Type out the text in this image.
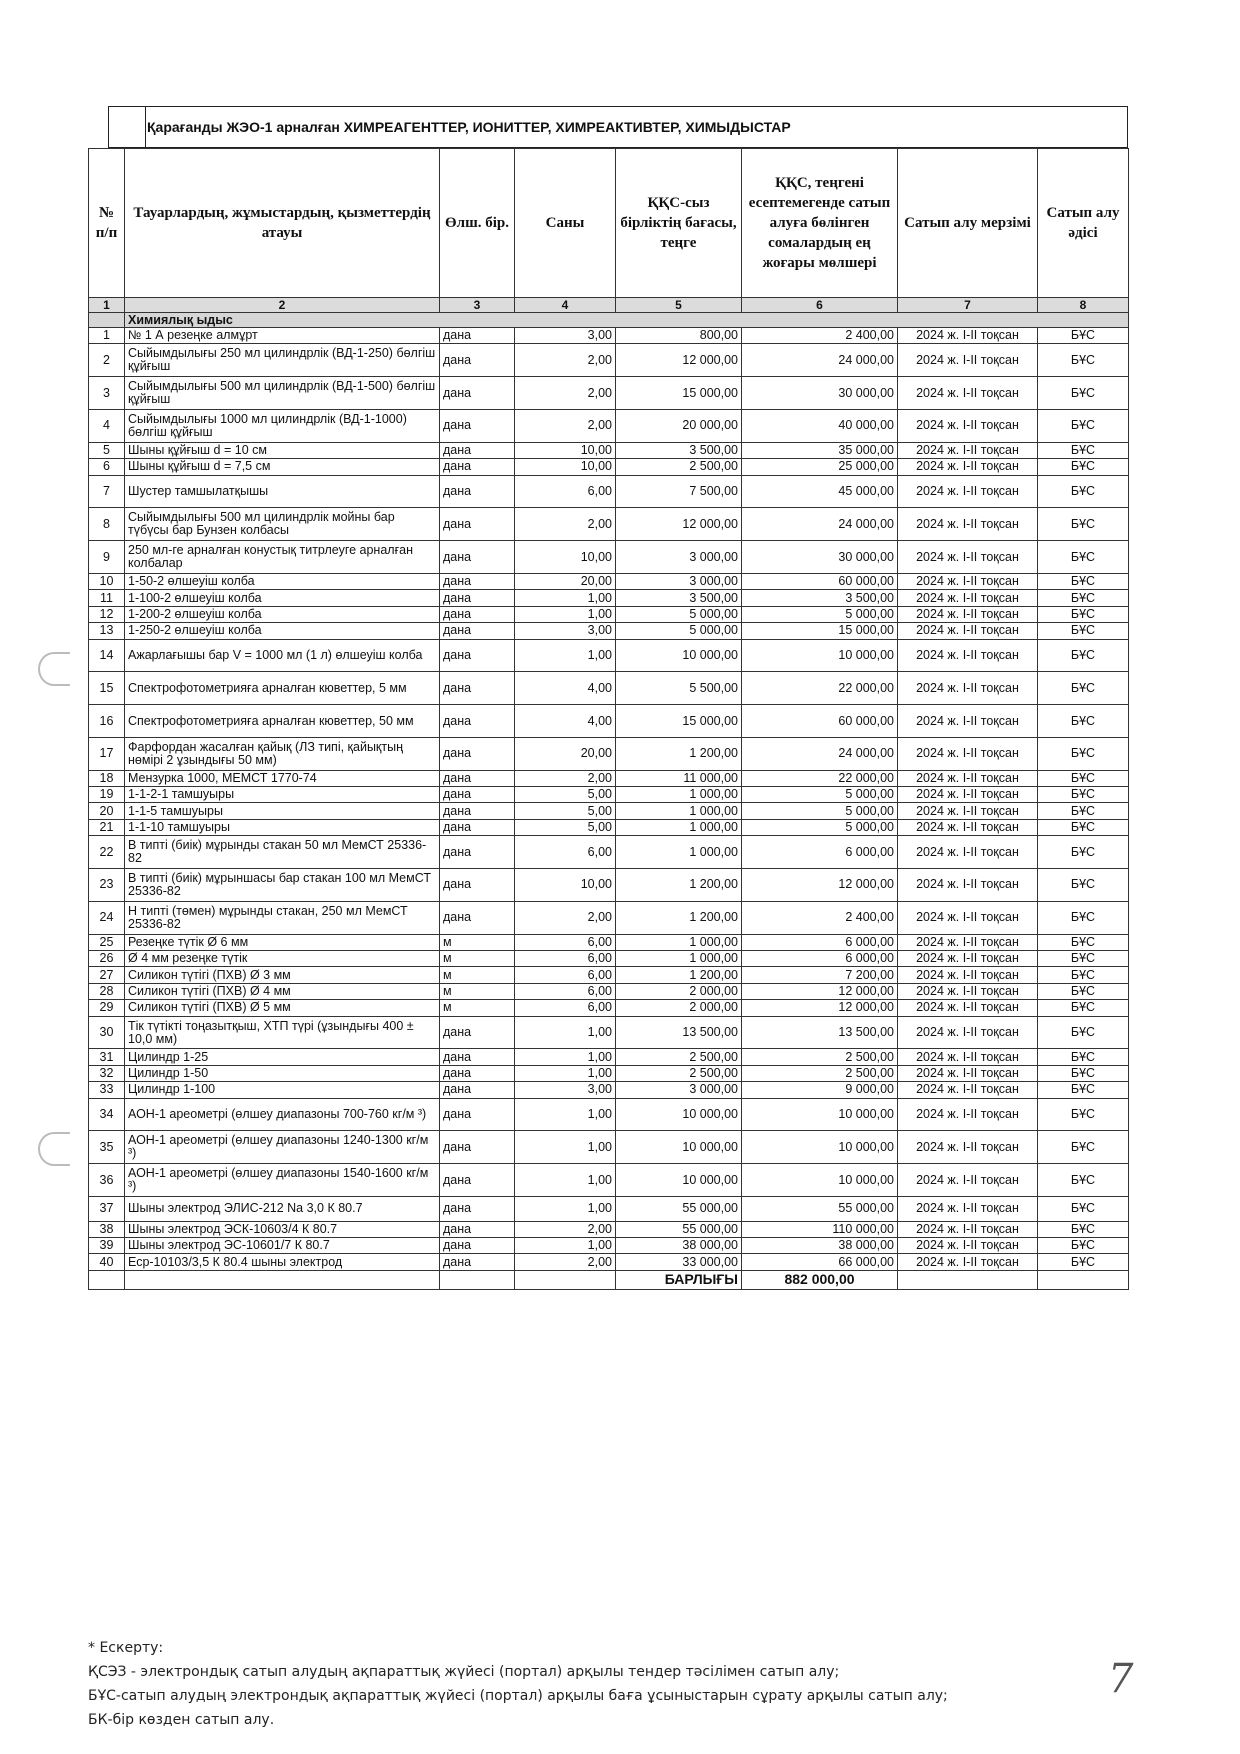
Қарағанды ЖЭО-1 арналған ХИМРЕАГЕНТТЕР, ИОНИТТЕР, ХИМРЕАКТИВТЕР, ХИМЫДЫСТАР
№ п/п	Тауарлардың, жұмыстардың, қызметтердің атауы	Өлш. бір.	Саны	ҚҚС-сыз бірліктің бағасы, теңге	ҚҚС, теңгені есептемегенде сатып алуға бөлінген сомалардың ең жоғары мөлшері	Сатып алу мерзімі	Сатып алу әдісі
1	2	3	4	5	6	7	8
	Химиялық ыдыс						
1	№ 1 А резеңке алмұрт	дана	3,00	800,00	2 400,00	2024 ж. I-II тоқсан	БҰС
2	Сыйымдылығы 250 мл цилиндрлік (ВД-1-250) бөлгіш құйғыш	дана	2,00	12 000,00	24 000,00	2024 ж. I-II тоқсан	БҰС
3	Сыйымдылығы 500 мл цилиндрлік (ВД-1-500) бөлгіш құйғыш	дана	2,00	15 000,00	30 000,00	2024 ж. I-II тоқсан	БҰС
4	Сыйымдылығы 1000 мл цилиндрлік (ВД-1-1000) бөлгіш құйғыш	дана	2,00	20 000,00	40 000,00	2024 ж. I-II тоқсан	БҰС
5	Шыны құйғыш d = 10 см	дана	10,00	3 500,00	35 000,00	2024 ж. I-II тоқсан	БҰС
6	Шыны құйғыш d = 7,5 см	дана	10,00	2 500,00	25 000,00	2024 ж. I-II тоқсан	БҰС
7	Шустер тамшылатқышы	дана	6,00	7 500,00	45 000,00	2024 ж. I-II тоқсан	БҰС
8	Сыйымдылығы 500 мл цилиндрлік мойны бар түбүсы бар Бунзен колбасы	дана	2,00	12 000,00	24 000,00	2024 ж. I-II тоқсан	БҰС
9	250 мл-ге арналған конустық титрлеуге арналған колбалар	дана	10,00	3 000,00	30 000,00	2024 ж. I-II тоқсан	БҰС
10	1-50-2 өлшеуіш колба	дана	20,00	3 000,00	60 000,00	2024 ж. I-II тоқсан	БҰС
11	1-100-2 өлшеуіш колба	дана	1,00	3 500,00	3 500,00	2024 ж. I-II тоқсан	БҰС
12	1-200-2 өлшеуіш колба	дана	1,00	5 000,00	5 000,00	2024 ж. I-II тоқсан	БҰС
13	1-250-2 өлшеуіш колба	дана	3,00	5 000,00	15 000,00	2024 ж. I-II тоқсан	БҰС
14	Ажарлағышы бар V = 1000 мл (1 л) өлшеуіш колба	дана	1,00	10 000,00	10 000,00	2024 ж. I-II тоқсан	БҰС
15	Спектрофотометрияға арналған кюветтер, 5 мм	дана	4,00	5 500,00	22 000,00	2024 ж. I-II тоқсан	БҰС
16	Спектрофотометрияға арналған кюветтер, 50 мм	дана	4,00	15 000,00	60 000,00	2024 ж. I-II тоқсан	БҰС
17	Фарфордан жасалған қайық (ЛЗ типі, қайықтың нөмірі 2 ұзындығы 50 мм)	дана	20,00	1 200,00	24 000,00	2024 ж. I-II тоқсан	БҰС
18	Мензурка 1000, МЕМСТ 1770-74	дана	2,00	11 000,00	22 000,00	2024 ж. I-II тоқсан	БҰС
19	1-1-2-1 тамшуыры	дана	5,00	1 000,00	5 000,00	2024 ж. I-II тоқсан	БҰС
20	1-1-5 тамшуыры	дана	5,00	1 000,00	5 000,00	2024 ж. I-II тоқсан	БҰС
21	1-1-10 тамшуыры	дана	5,00	1 000,00	5 000,00	2024 ж. I-II тоқсан	БҰС
22	В типті (биік) мұрынды стакан 50 мл МемСТ 25336-82	дана	6,00	1 000,00	6 000,00	2024 ж. I-II тоқсан	БҰС
23	В типті (биік) мұрыншасы бар стакан 100 мл МемСТ 25336-82	дана	10,00	1 200,00	12 000,00	2024 ж. I-II тоқсан	БҰС
24	Н типті (төмен) мұрынды стакан, 250 мл МемСТ 25336-82	дана	2,00	1 200,00	2 400,00	2024 ж. I-II тоқсан	БҰС
25	Резеңке түтік Ø 6 мм	м	6,00	1 000,00	6 000,00	2024 ж. I-II тоқсан	БҰС
26	Ø 4 мм резеңке түтік	м	6,00	1 000,00	6 000,00	2024 ж. I-II тоқсан	БҰС
27	Силикон түтігі (ПХВ) Ø 3 мм	м	6,00	1 200,00	7 200,00	2024 ж. I-II тоқсан	БҰС
28	Силикон түтігі (ПХВ) Ø 4 мм	м	6,00	2 000,00	12 000,00	2024 ж. I-II тоқсан	БҰС
29	Силикон түтігі (ПХВ) Ø 5 мм	м	6,00	2 000,00	12 000,00	2024 ж. I-II тоқсан	БҰС
30	Тік түтікті тоңазытқыш, ХТП түрі (ұзындығы 400 ± 10,0 мм)	дана	1,00	13 500,00	13 500,00	2024 ж. I-II тоқсан	БҰС
31	Цилиндр 1-25	дана	1,00	2 500,00	2 500,00	2024 ж. I-II тоқсан	БҰС
32	Цилиндр 1-50	дана	1,00	2 500,00	2 500,00	2024 ж. I-II тоқсан	БҰС
33	Цилиндр 1-100	дана	3,00	3 000,00	9 000,00	2024 ж. I-II тоқсан	БҰС
34	АОН-1 ареометрі (өлшеу диапазоны 700-760 кг/м ³)	дана	1,00	10 000,00	10 000,00	2024 ж. I-II тоқсан	БҰС
35	АОН-1 ареометрі (өлшеу диапазоны 1240-1300 кг/м ³)	дана	1,00	10 000,00	10 000,00	2024 ж. I-II тоқсан	БҰС
36	АОН-1 ареометрі (өлшеу диапазоны 1540-1600 кг/м ³)	дана	1,00	10 000,00	10 000,00	2024 ж. I-II тоқсан	БҰС
37	Шыны электрод ЭЛИС-212 Na 3,0 К 80.7	дана	1,00	55 000,00	55 000,00	2024 ж. I-II тоқсан	БҰС
38	Шыны электрод ЭСК-10603/4 К 80.7	дана	2,00	55 000,00	110 000,00	2024 ж. I-II тоқсан	БҰС
39	Шыны электрод ЭС-10601/7 К 80.7	дана	1,00	38 000,00	38 000,00	2024 ж. I-II тоқсан	БҰС
40	Еср-10103/3,5 К 80.4 шыны электрод	дана	2,00	33 000,00	66 000,00	2024 ж. I-II тоқсан	БҰС
				БАРЛЫҒЫ	882 000,00		
* Ескерту:
ҚСЭЗ - электрондық сатып алудың ақпараттық жүйесі (портал) арқылы тендер тәсілімен сатып алу;
БҰС-сатып алудың электрондық ақпараттық жүйесі (портал) арқылы баға ұсыныстарын сұрату арқылы сатып алу;
БК-бір көзден сатып алу.
7
